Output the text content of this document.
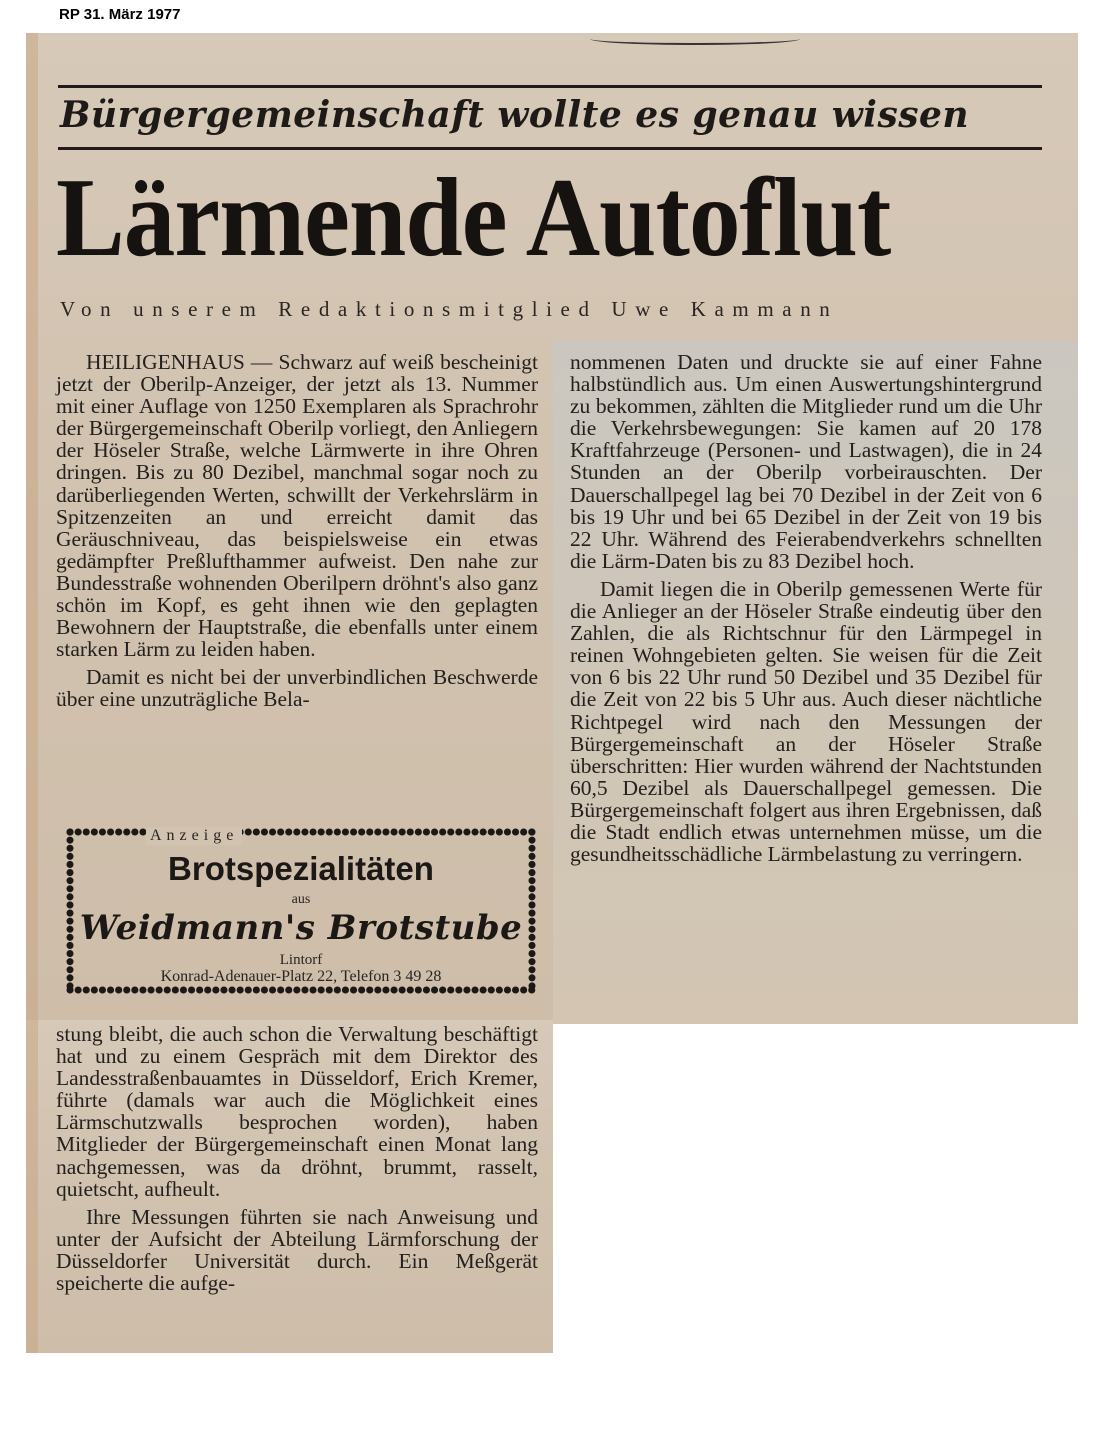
RP 31. März 1977
Bürgergemeinschaft wollte es genau wissen
Lärmende Autoflut
Von unserem Redaktionsmitglied Uwe Kammann

HEILIGENHAUS — Schwarz auf weiß bescheinigt jetzt der Oberilp-Anzeiger, der jetzt als 13. Nummer mit einer Auflage von 1250 Exemplaren als Sprachrohr der Bürgergemeinschaft Oberilp vorliegt, den Anliegern der Höseler Straße, welche Lärmwerte in ihre Ohren dringen. Bis zu 80 Dezibel, manchmal sogar noch zu darüberliegenden Werten, schwillt der Verkehrslärm in Spitzenzeiten an und erreicht damit das Geräuschniveau, das beispielsweise ein etwas gedämpfter Preßlufthammer aufweist. Den nahe zur Bundesstraße wohnenden Oberilpern dröhnt's also ganz schön im Kopf, es geht ihnen wie den geplagten Bewohnern der Hauptstraße, die ebenfalls unter einem starken Lärm zu leiden haben.

Damit es nicht bei der unverbindlichen Beschwerde über eine unzuträgliche Bela-

Anzeige
Brotspezialitäten
aus
Weidmann's Brotstube
Lintorf
Konrad-Adenauer-Platz 22, Telefon 3 49 28

stung bleibt, die auch schon die Verwaltung beschäftigt hat und zu einem Gespräch mit dem Direktor des Landesstraßenbauamtes in Düsseldorf, Erich Kremer, führte (damals war auch die Möglichkeit eines Lärmschutzwalls besprochen worden), haben Mitglieder der Bürgergemeinschaft einen Monat lang nachgemessen, was da dröhnt, brummt, rasselt, quietscht, aufheult.

Ihre Messungen führten sie nach Anweisung und unter der Aufsicht der Abteilung Lärmforschung der Düsseldorfer Universität durch. Ein Meßgerät speicherte die aufge-

nommenen Daten und druckte sie auf einer Fahne halbstündlich aus. Um einen Auswertungshintergrund zu bekommen, zählten die Mitglieder rund um die Uhr die Verkehrsbewegungen: Sie kamen auf 20 178 Kraftfahrzeuge (Personen- und Lastwagen), die in 24 Stunden an der Oberilp vorbeirauschten. Der Dauerschallpegel lag bei 70 Dezibel in der Zeit von 6 bis 19 Uhr und bei 65 Dezibel in der Zeit von 19 bis 22 Uhr. Während des Feierabendverkehrs schnellten die Lärm-Daten bis zu 83 Dezibel hoch.

Damit liegen die in Oberilp gemessenen Werte für die Anlieger an der Höseler Straße eindeutig über den Zahlen, die als Richtschnur für den Lärmpegel in reinen Wohngebieten gelten. Sie weisen für die Zeit von 6 bis 22 Uhr rund 50 Dezibel und 35 Dezibel für die Zeit von 22 bis 5 Uhr aus. Auch dieser nächtliche Richtpegel wird nach den Messungen der Bürgergemeinschaft an der Höseler Straße überschritten: Hier wurden während der Nachtstunden 60,5 Dezibel als Dauerschallpegel gemessen. Die Bürgergemeinschaft folgert aus ihren Ergebnissen, daß die Stadt endlich etwas unternehmen müsse, um die gesundheitsschädliche Lärmbelastung zu verringern.
